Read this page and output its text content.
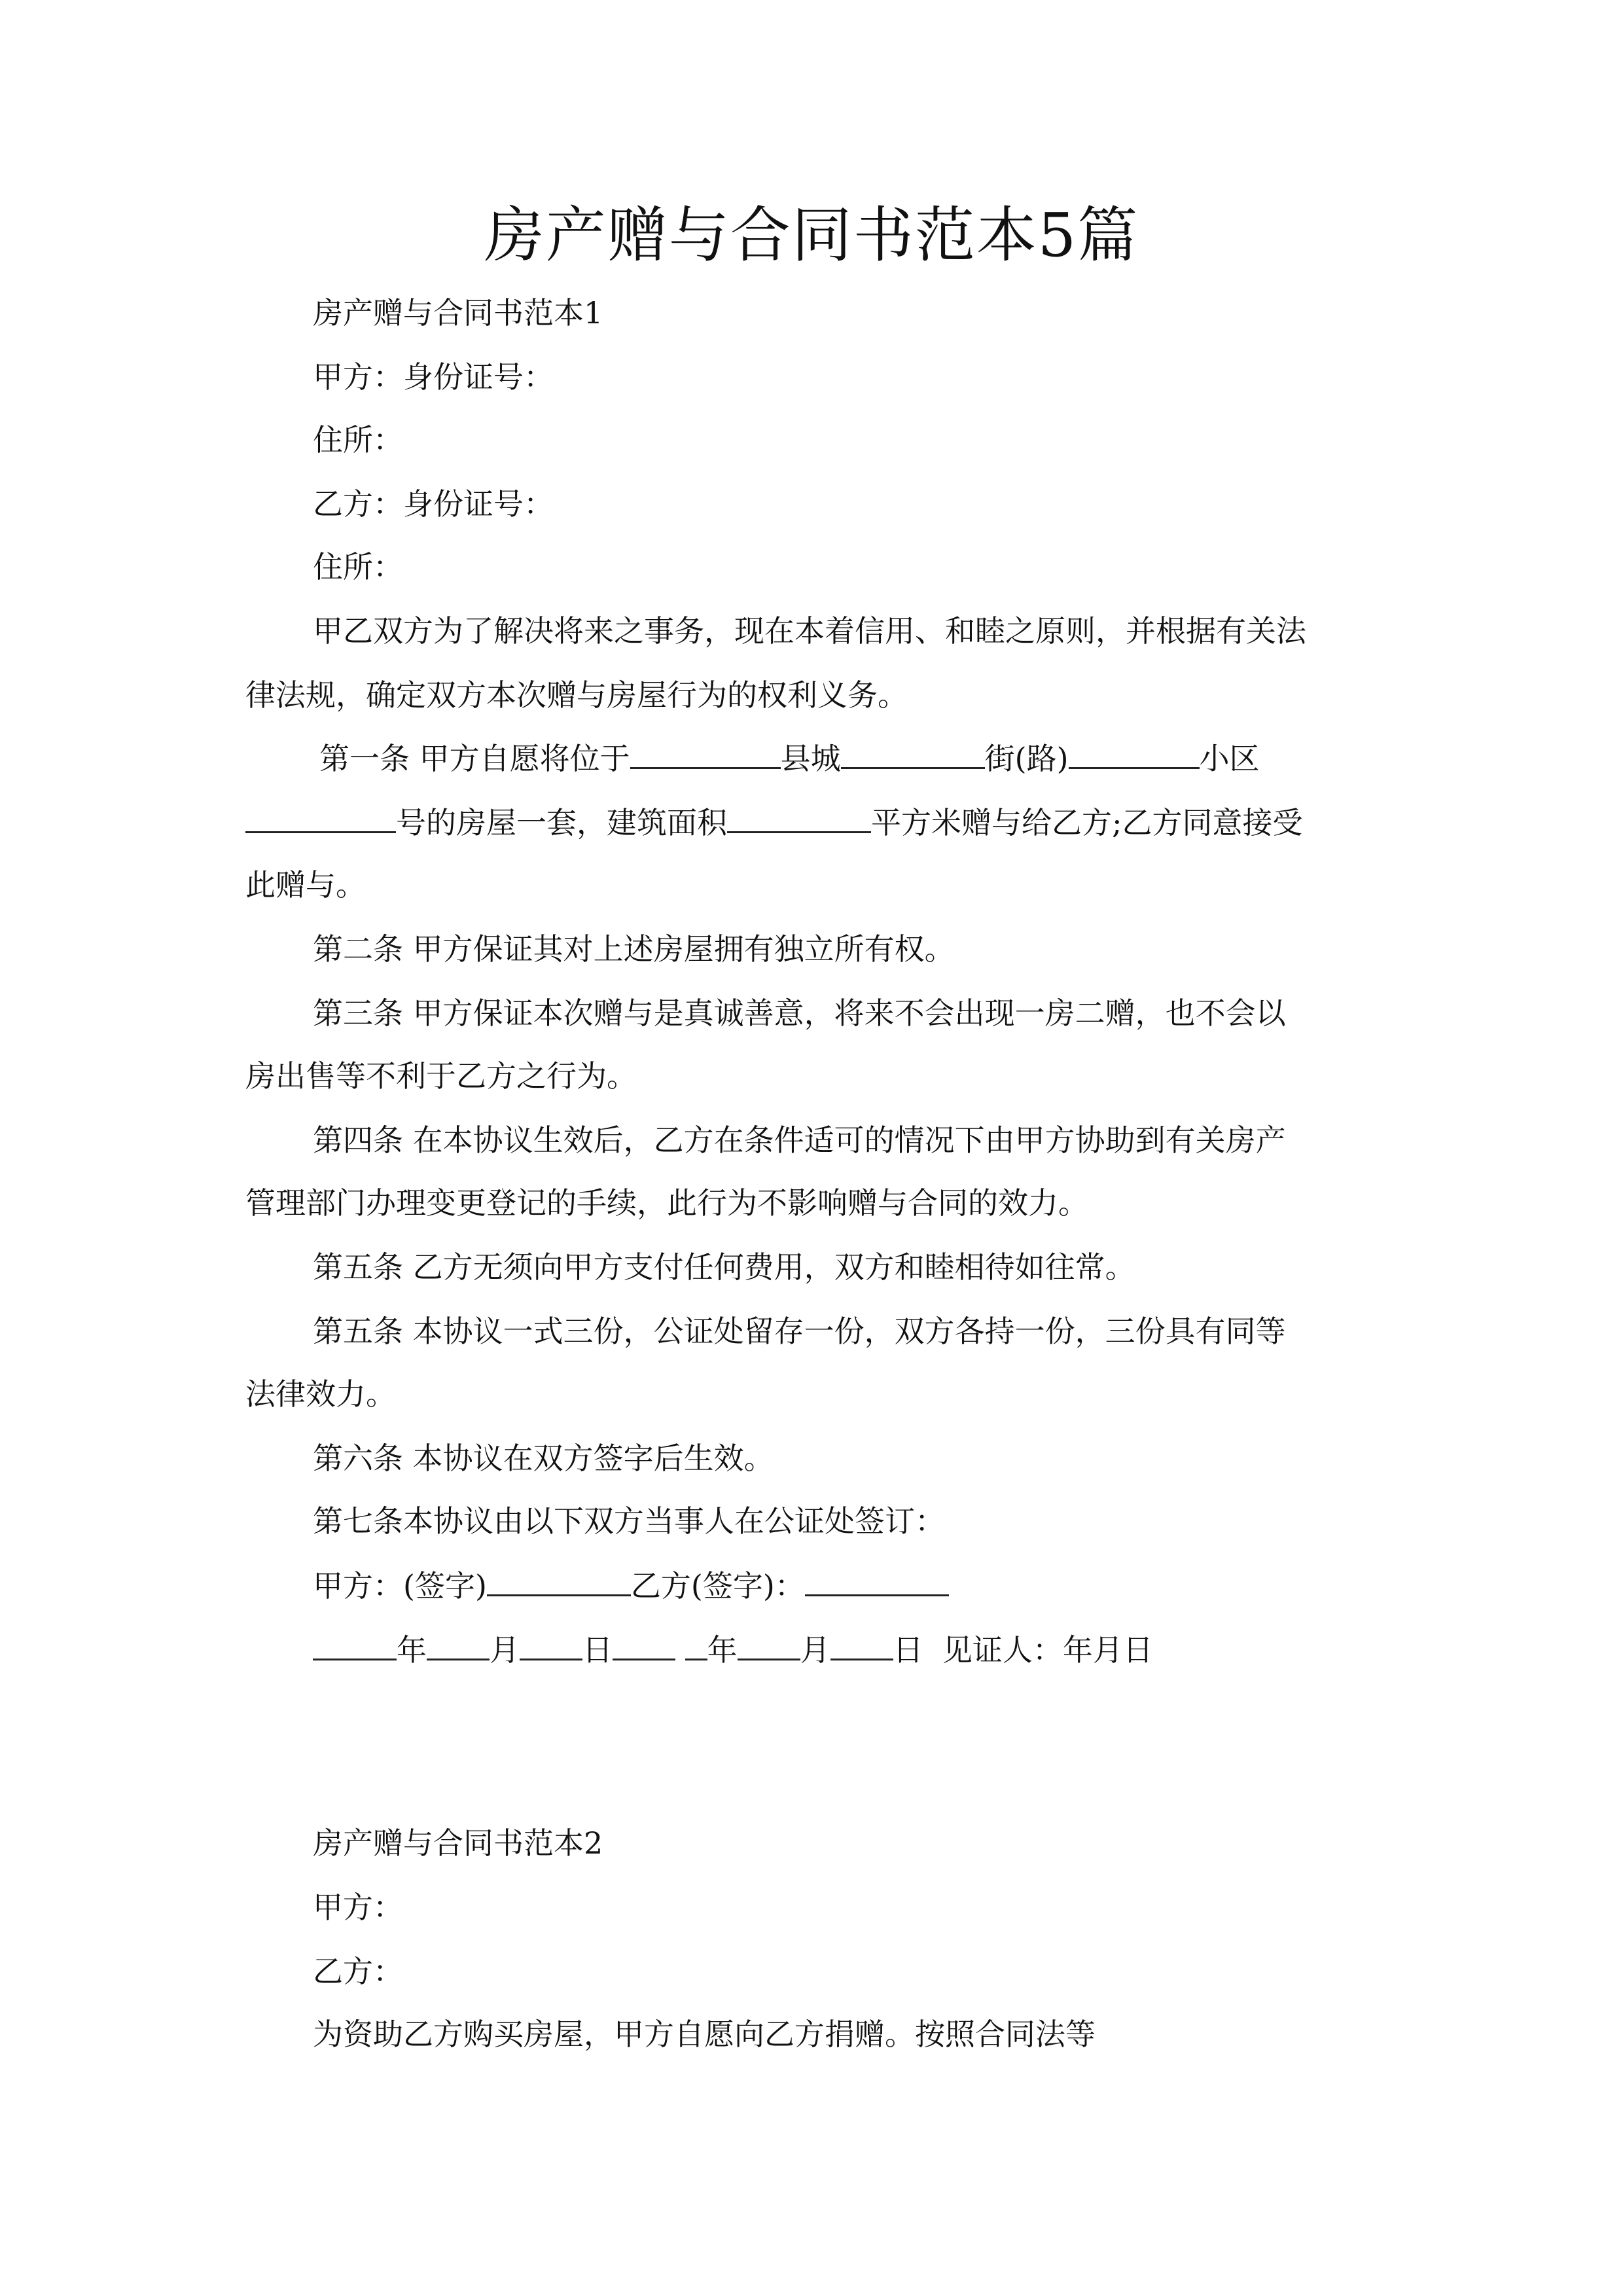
房产赠与合同书范本5篇

房产赠与合同书范本1

甲方：身份证号：

住所：

乙方：身份证号：

住所：

甲乙双方为了解决将来之事务，现在本着信用、和睦之原则，并根据有关法

律法规，确定双方本次赠与房屋行为的权利义务。

第一条 甲方自愿将位于	县城	街(路)	小区

号的房屋一套，建筑面积	平方米赠与给乙方;乙方同意接受

此赠与。

第二条 甲方保证其对上述房屋拥有独立所有权。

第三条 甲方保证本次赠与是真诚善意，将来不会出现一房二赠，也不会以

房出售等不利于乙方之行为。

第四条 在本协议生效后，乙方在条件适可的情况下由甲方协助到有关房产

管理部门办理变更登记的手续，此行为不影响赠与合同的效力。

第五条 乙方无须向甲方支付任何费用，双方和睦相待如往常。

第五条 本协议一式三份，公证处留存一份，双方各持一份，三份具有同等

法律效力。

第六条 本协议在双方签字后生效。

第七条本协议由以下双方当事人在公证处签订：

甲方：(签字)	乙方(签字)：

年 月 日	年 月 日 见证人：年月日

房产赠与合同书范本2

甲方：

乙方：

为资助乙方购买房屋，甲方自愿向乙方捐赠。按照合同法等
